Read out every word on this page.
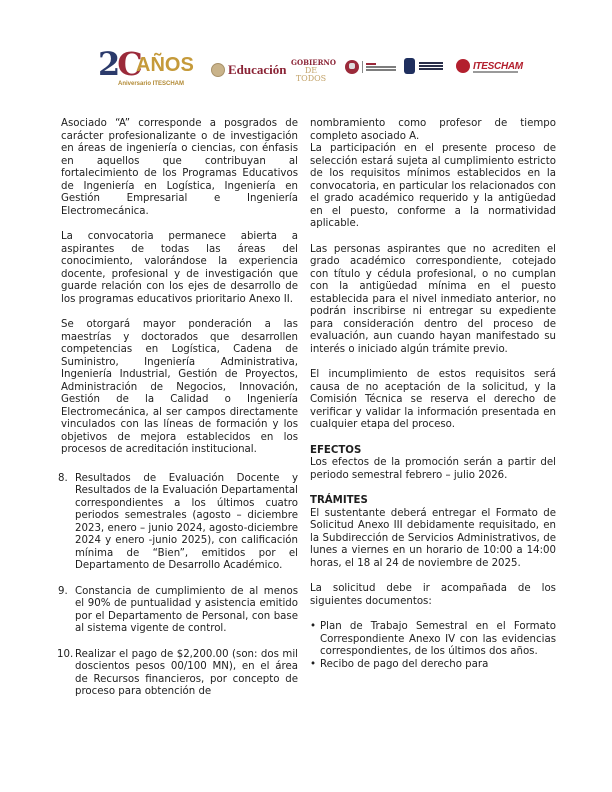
2C
AÑOS
Aniversario ITESCHAM
Educación GOBIERNO
DE TODOS
ITESCHAM

Asociado “A” corresponde a posgrados de carácter profesionalizante o de investigación en áreas de ingeniería o ciencias, con énfasis en aquellos que contribuyan al fortalecimiento de los Programas Educativos de Ingeniería en Logística, Ingeniería en Gestión Empresarial e Ingeniería Electromecánica.

La convocatoria permanece abierta a aspirantes de todas las áreas del conocimiento, valorándose la experiencia docente, profesional y de investigación que guarde relación con los ejes de desarrollo de los programas educativos prioritario Anexo II.

Se otorgará mayor ponderación a las maestrías y doctorados que desarrollen competencias en Logística, Cadena de Suministro, Ingeniería Administrativa, Ingeniería Industrial, Gestión de Proyectos, Administración de Negocios, Innovación, Gestión de la Calidad o Ingeniería Electromecánica, al ser campos directamente vinculados con las líneas de formación y los objetivos de mejora establecidos en los procesos de acreditación institucional.

8. Resultados de Evaluación Docente y Resultados de la Evaluación Departamental correspondientes a los últimos cuatro periodos semestrales (agosto – diciembre 2023, enero – junio 2024, agosto-diciembre 2024 y enero -junio 2025), con calificación mínima de “Bien”, emitidos por el Departamento de Desarrollo Académico.
9. Constancia de cumplimiento de al menos el 90% de puntualidad y asistencia emitido por el Departamento de Personal, con base al sistema vigente de control.
10. Realizar el pago de $2,200.00 (son: dos mil doscientos pesos 00/100 MN), en el área de Recursos financieros, por concepto de proceso para obtención de

nombramiento como profesor de tiempo completo asociado A.

La participación en el presente proceso de selección estará sujeta al cumplimiento estricto de los requisitos mínimos establecidos en la convocatoria, en particular los relacionados con el grado académico requerido y la antigüedad en el puesto, conforme a la normatividad aplicable.

Las personas aspirantes que no acrediten el grado académico correspondiente, cotejado con título y cédula profesional, o no cumplan con la antigüedad mínima en el puesto establecida para el nivel inmediato anterior, no podrán inscribirse ni entregar su expediente para consideración dentro del proceso de evaluación, aun cuando hayan manifestado su interés o iniciado algún trámite previo.

El incumplimiento de estos requisitos será causa de no aceptación de la solicitud, y la Comisión Técnica se reserva el derecho de verificar y validar la información presentada en cualquier etapa del proceso.

EFECTOS

Los efectos de la promoción serán a partir del periodo semestral febrero – julio 2026.

TRÁMITES

El sustentante deberá entregar el Formato de Solicitud Anexo III debidamente requisitado, en la Subdirección de Servicios Administrativos, de lunes a viernes en un horario de 10:00 a 14:00 horas, el 18 al 24 de noviembre de 2025.

La solicitud debe ir acompañada de los siguientes documentos:

• Plan de Trabajo Semestral en el Formato Correspondiente Anexo IV con las evidencias correspondientes, de los últimos dos años.
• Recibo de pago del derecho para
